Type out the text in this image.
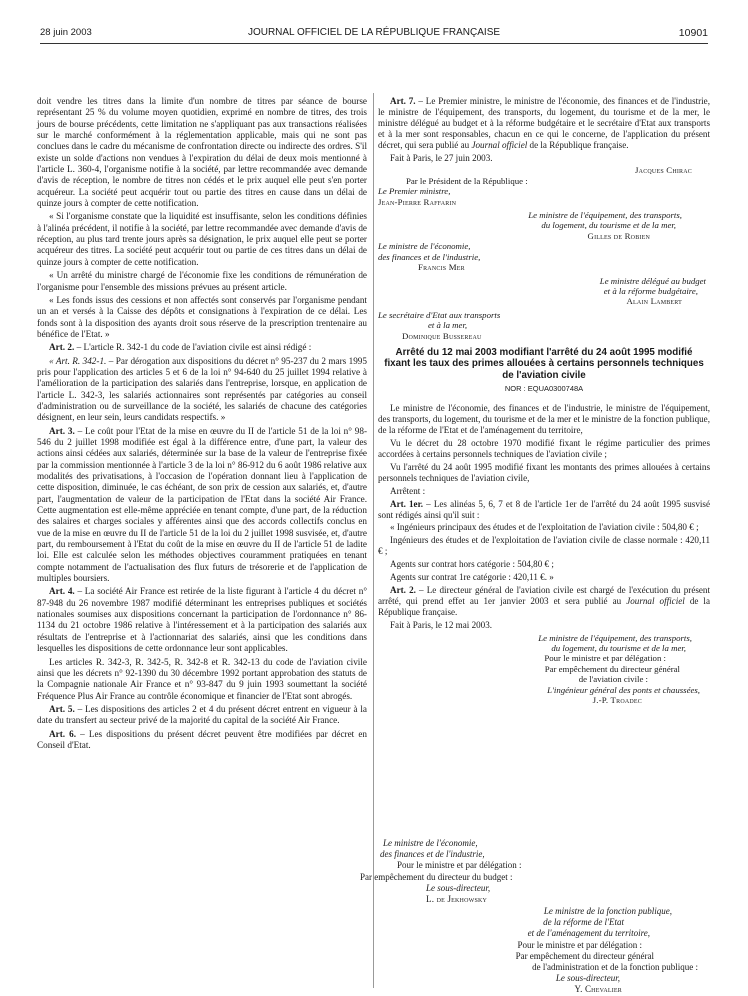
28 juin 2003	JOURNAL OFFICIEL DE LA RÉPUBLIQUE FRANÇAISE	10901

doit vendre les titres dans la limite d'un nombre de titres par séance de bourse représentant 25 % du volume moyen quotidien, exprimé en nombre de titres, des trois jours de bourse précédents, cette limitation ne s'appliquant pas aux transactions réalisées sur le marché conformément à la réglementation applicable, mais qui ne sont pas conclues dans le cadre du mécanisme de confrontation directe ou indirecte des ordres. S'il existe un solde d'actions non vendues à l'expiration du délai de deux mois mentionné à l'article L. 360-4, l'organisme notifie à la société, par lettre recommandée avec demande d'avis de réception, le nombre de titres non cédés et le prix auquel elle peut s'en porter acquéreur. La société peut acquérir tout ou partie des titres en cause dans un délai de quinze jours à compter de cette notification.

« Si l'organisme constate que la liquidité est insuffisante, selon les conditions définies à l'alinéa précédent, il notifie à la société, par lettre recommandée avec demande d'avis de réception, au plus tard trente jours après sa désignation, le prix auquel elle peut se porter acquéreur des titres. La société peut acquérir tout ou partie de ces titres dans un délai de quinze jours à compter de cette notification.

« Un arrêté du ministre chargé de l'économie fixe les conditions de rémunération de l'organisme pour l'ensemble des missions prévues au présent article.

« Les fonds issus des cessions et non affectés sont conservés par l'organisme pendant un an et versés à la Caisse des dépôts et consignations à l'expiration de ce délai. Les fonds sont à la disposition des ayants droit sous réserve de la prescription trentenaire au bénéfice de l'Etat. »

Art. 2. – L'article R. 342-1 du code de l'aviation civile est ainsi rédigé :

« Art. R. 342-1. – Par dérogation aux dispositions du décret n° 95-237 du 2 mars 1995 pris pour l'application des articles 5 et 6 de la loi n° 94-640 du 25 juillet 1994 relative à l'amélioration de la participation des salariés dans l'entreprise, lorsque, en application de l'article L. 342-3, les salariés actionnaires sont représentés par catégories au conseil d'administration ou de surveillance de la société, les salariés de chacune des catégories désignent, en leur sein, leurs candidats respectifs. »

Art. 3. – Le coût pour l'Etat de la mise en œuvre du II de l'article 51 de la loi n° 98-546 du 2 juillet 1998 modifiée est égal à la différence entre, d'une part, la valeur des actions ainsi cédées aux salariés, déterminée sur la base de la valeur de l'entreprise fixée par la commission mentionnée à l'article 3 de la loi n° 86-912 du 6 août 1986 relative aux modalités des privatisations, à l'occasion de l'opération donnant lieu à l'application de cette disposition, diminuée, le cas échéant, de son prix de cession aux salariés, et, d'autre part, l'augmentation de valeur de la participation de l'Etat dans la société Air France. Cette augmentation est elle-même appréciée en tenant compte, d'une part, de la réduction des salaires et charges sociales y afférentes ainsi que des accords collectifs conclus en vue de la mise en œuvre du II de l'article 51 de la loi du 2 juillet 1998 susvisée, et, d'autre part, du remboursement à l'Etat du coût de la mise en œuvre du II de l'article 51 de ladite loi. Elle est calculée selon les méthodes objectives couramment pratiquées en tenant compte notamment de l'actualisation des flux futurs de trésorerie et de l'application de multiples boursiers.

Art. 4. – La société Air France est retirée de la liste figurant à l'article 4 du décret n° 87-948 du 26 novembre 1987 modifié déterminant les entreprises publiques et sociétés nationales soumises aux dispositions concernant la participation de l'ordonnance n° 86-1134 du 21 octobre 1986 relative à l'intéressement et à la participation des salariés aux résultats de l'entreprise et à l'actionnariat des salariés, ainsi que les conditions dans lesquelles les dispositions de cette ordonnance leur sont applicables.

Les articles R. 342-3, R. 342-5, R. 342-8 et R. 342-13 du code de l'aviation civile ainsi que les décrets n° 92-1390 du 30 décembre 1992 portant approbation des statuts de la Compagnie nationale Air France et n° 93-847 du 9 juin 1993 soumettant la société Fréquence Plus Air France au contrôle économique et financier de l'Etat sont abrogés.

Art. 5. – Les dispositions des articles 2 et 4 du présent décret entrent en vigueur à la date du transfert au secteur privé de la majorité du capital de la société Air France.

Art. 6. – Les dispositions du présent décret peuvent être modifiées par décret en Conseil d'Etat.

Art. 7. – Le Premier ministre, le ministre de l'économie, des finances et de l'industrie, le ministre de l'équipement, des transports, du logement, du tourisme et de la mer, le ministre délégué au budget et à la réforme budgétaire et le secrétaire d'Etat aux transports et à la mer sont responsables, chacun en ce qui le concerne, de l'application du présent décret, qui sera publié au Journal officiel de la République française.

Fait à Paris, le 27 juin 2003.

Jacques Chirac
Par le Président de la République :
Le Premier ministre,
Jean-Pierre Raffarin
Le ministre de l'équipement, des transports,
du logement, du tourisme et de la mer,
Gilles de Robien
Le ministre de l'économie,
des finances et de l'industrie,
Francis Mer
Le ministre délégué au budget
et à la réforme budgétaire,
Alain Lambert
Le secrétaire d'Etat aux transports
et à la mer,
Dominique Bussereau
Arrêté du 12 mai 2003 modifiant l'arrêté du 24 août 1995 modifié fixant les taux des primes allouées à certains personnels techniques de l'aviation civile
NOR : EQUA0300748A

Le ministre de l'économie, des finances et de l'industrie, le ministre de l'équipement, des transports, du logement, du tourisme et de la mer et le ministre de la fonction publique, de la réforme de l'Etat et de l'aménagement du territoire,

Vu le décret du 28 octobre 1970 modifié fixant le régime particulier des primes accordées à certains personnels techniques de l'aviation civile ;

Vu l'arrêté du 24 août 1995 modifié fixant les montants des primes allouées à certains personnels techniques de l'aviation civile,

Arrêtent :

Art. 1er. – Les alinéas 5, 6, 7 et 8 de l'article 1er de l'arrêté du 24 août 1995 susvisé sont rédigés ainsi qu'il suit :

« Ingénieurs principaux des études et de l'exploitation de l'aviation civile : 504,80 € ;

Ingénieurs des études et de l'exploitation de l'aviation civile de classe normale : 420,11 € ;

Agents sur contrat hors catégorie : 504,80 € ;

Agents sur contrat 1re catégorie : 420,11 €. »

Art. 2. – Le directeur général de l'aviation civile est chargé de l'exécution du présent arrêté, qui prend effet au 1er janvier 2003 et sera publié au Journal officiel de la République française.

Fait à Paris, le 12 mai 2003.

Le ministre de l'équipement, des transports,
du logement, du tourisme et de la mer,
Pour le ministre et par délégation :
Par empêchement du directeur général
de l'aviation civile :
L'ingénieur général des ponts et chaussées,
J.-P. Troadec
Le ministre de l'économie,
des finances et de l'industrie,
Pour le ministre et par délégation :
Par empêchement du directeur du budget :
Le sous-directeur,
L. de Jekhowsky
Le ministre de la fonction publique,
de la réforme de l'Etat
et de l'aménagement du territoire,
Pour le ministre et par délégation :
Par empêchement du directeur général
de l'administration et de la fonction publique :
Le sous-directeur,
Y. Chevalier
